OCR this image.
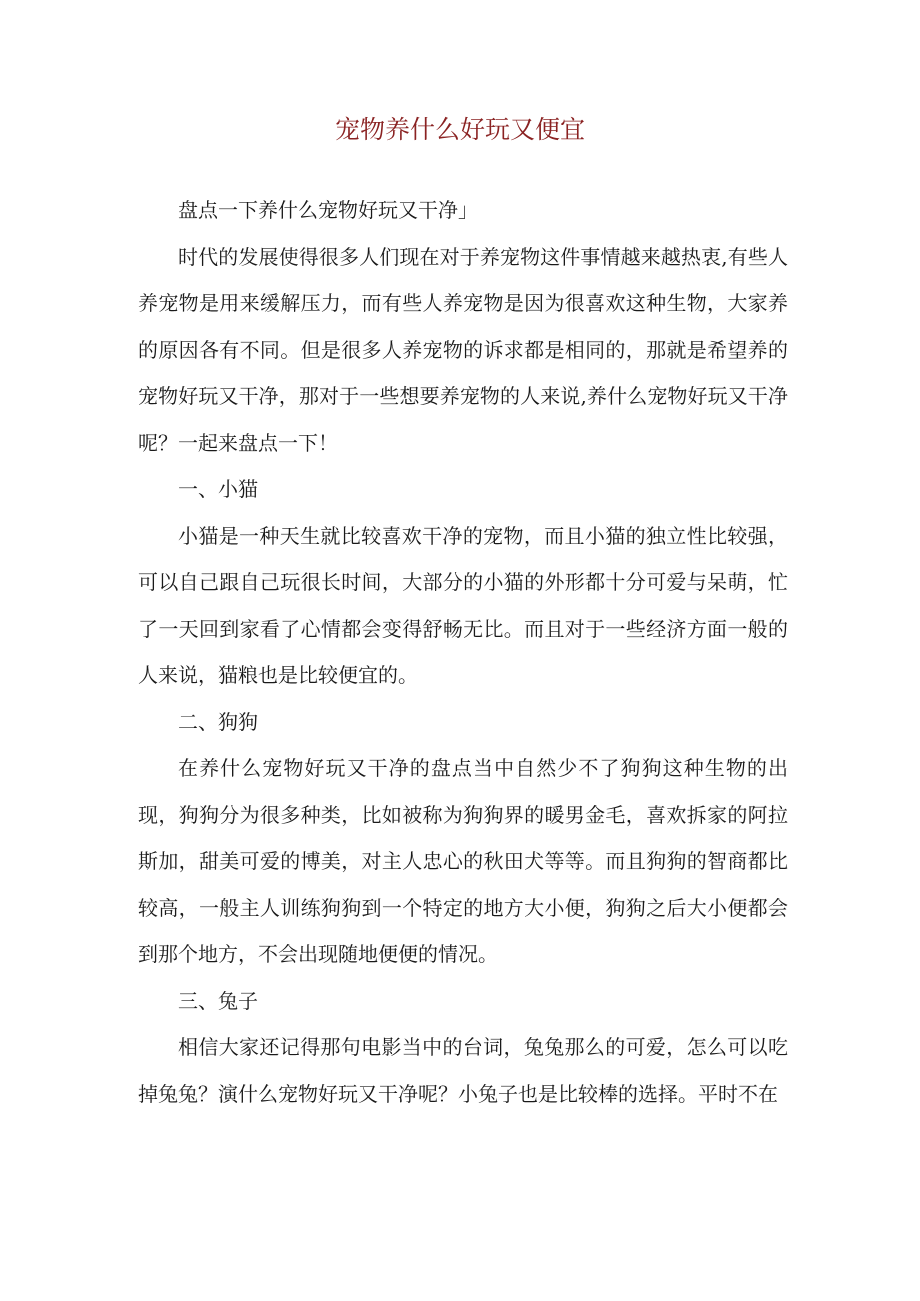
宠物养什么好玩又便宜

盘点一下养什么宠物好玩又干净」

时代的发展使得很多人们现在对于养宠物这件事情越来越热衷,有些人养宠物是用来缓解压力，而有些人养宠物是因为很喜欢这种生物，大家养的原因各有不同。但是很多人养宠物的诉求都是相同的，那就是希望养的宠物好玩又干净，那对于一些想要养宠物的人来说,养什么宠物好玩又干净呢？一起来盘点一下！

一、小猫

小猫是一种天生就比较喜欢干净的宠物，而且小猫的独立性比较强，可以自己跟自己玩很长时间，大部分的小猫的外形都十分可爱与呆萌，忙了一天回到家看了心情都会变得舒畅无比。而且对于一些经济方面一般的人来说，猫粮也是比较便宜的。

二、狗狗

在养什么宠物好玩又干净的盘点当中自然少不了狗狗这种生物的出现，狗狗分为很多种类，比如被称为狗狗界的暖男金毛，喜欢拆家的阿拉斯加，甜美可爱的博美，对主人忠心的秋田犬等等。而且狗狗的智商都比较高，一般主人训练狗狗到一个特定的地方大小便，狗狗之后大小便都会到那个地方，不会出现随地便便的情况。

三、兔子

相信大家还记得那句电影当中的台词，兔兔那么的可爱，怎么可以吃掉兔兔？演什么宠物好玩又干净呢？小兔子也是比较棒的选择。平时不在
